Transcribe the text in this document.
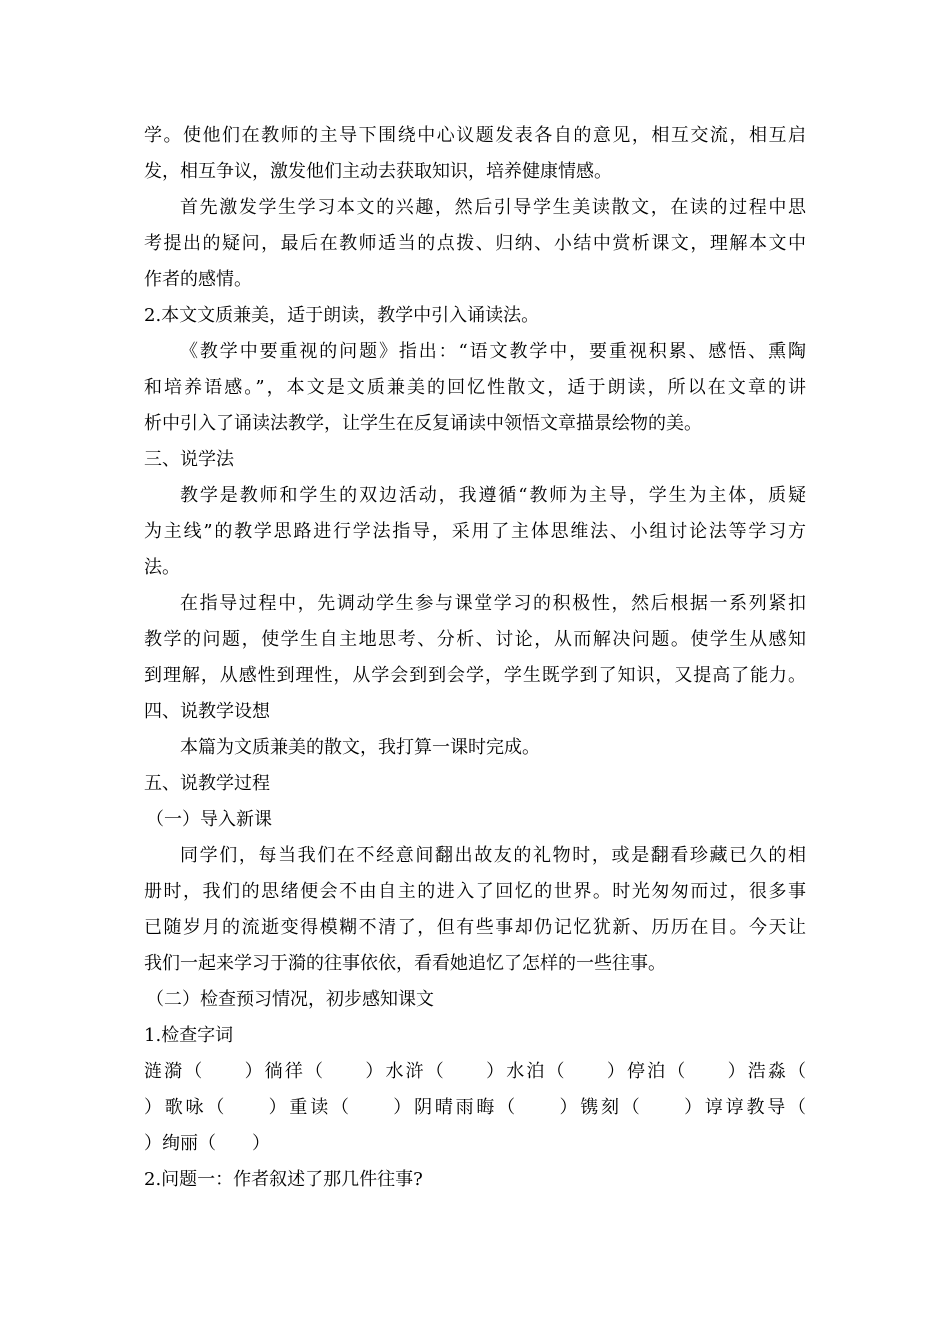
学。使他们在教师的主导下围绕中心议题发表各自的意见，相互交流，相互启
发，相互争议，激发他们主动去获取知识，培养健康情感。
首先激发学生学习本文的兴趣，然后引导学生美读散文，在读的过程中思
考提出的疑问，最后在教师适当的点拨、归纳、小结中赏析课文，理解本文中
作者的感情。
2.本文文质兼美，适于朗读，教学中引入诵读法。
《教学中要重视的问题》指出：“语文教学中，要重视积累、感悟、熏陶
和培养语感。”，本文是文质兼美的回忆性散文，适于朗读，所以在文章的讲
析中引入了诵读法教学，让学生在反复诵读中领悟文章描景绘物的美。
三、说学法
教学是教师和学生的双边活动，我遵循“教师为主导，学生为主体，质疑
为主线”的教学思路进行学法指导，采用了主体思维法、小组讨论法等学习方
法。
在指导过程中，先调动学生参与课堂学习的积极性，然后根据一系列紧扣
教学的问题，使学生自主地思考、分析、讨论，从而解决问题。使学生从感知
到理解，从感性到理性，从学会到到会学，学生既学到了知识，又提高了能力。
四、说教学设想
本篇为文质兼美的散文，我打算一课时完成。
五、说教学过程
（一）导入新课
同学们，每当我们在不经意间翻出故友的礼物时，或是翻看珍藏已久的相
册时，我们的思绪便会不由自主的进入了回忆的世界。时光匆匆而过，很多事
已随岁月的流逝变得模糊不清了，但有些事却仍记忆犹新、历历在目。今天让
我们一起来学习于漪的往事依依，看看她追忆了怎样的一些往事。
（二）检查预习情况，初步感知课文
1.检查字词
涟漪（　　）徜徉（　　）水浒（　　）水泊（　　）停泊（　　）浩淼（
）歌咏（　　）重读（　　）阴晴雨晦（　　）镌刻（　　）谆谆教导（
）绚丽（　　）
2.问题一：作者叙述了那几件往事?
